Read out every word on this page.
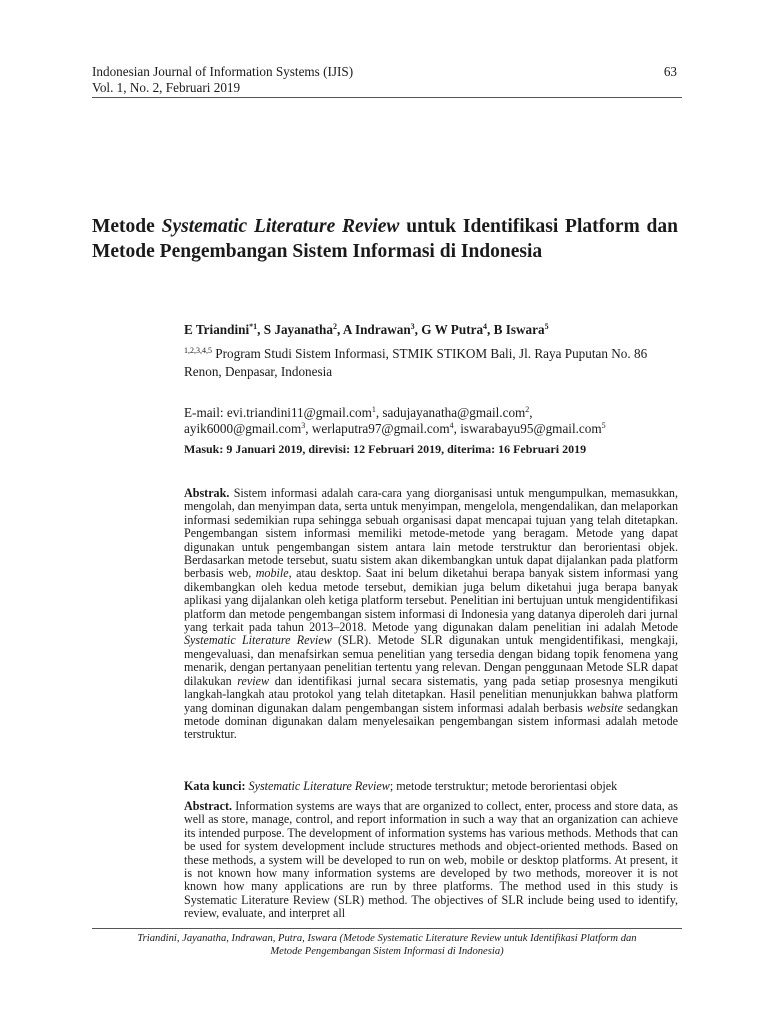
Indonesian Journal of Information Systems (IJIS)
Vol. 1, No. 2, Februari 2019
63
Metode Systematic Literature Review untuk Identifikasi Platform dan Metode Pengembangan Sistem Informasi di Indonesia
E Triandini$^{*1}$, S Jayanatha$^2$, A Indrawan$^3$, G W Putra$^4$, B Iswara$^5$
$^{1,2,3,4,5}$ Program Studi Sistem Informasi, STMIK STIKOM Bali, Jl. Raya Puputan No. 86 Renon, Denpasar, Indonesia
E-mail: evi.triandini11@gmail.com$^1$, sadujayanatha@gmail.com$^2$,
ayik6000@gmail.com$^3$, werlaputra97@gmail.com$^4$, iswarabayu95@gmail.com$^5$
Masuk: 9 Januari 2019, direvisi: 12 Februari 2019, diterima: 16 Februari 2019

Abstrak. Sistem informasi adalah cara-cara yang diorganisasi untuk mengumpulkan, memasukkan, mengolah, dan menyimpan data, serta untuk menyimpan, mengelola, mengendalikan, dan melaporkan informasi sedemikian rupa sehingga sebuah organisasi dapat mencapai tujuan yang telah ditetapkan. Pengembangan sistem informasi memiliki metode-metode yang beragam. Metode yang dapat digunakan untuk pengembangan sistem antara lain metode terstruktur dan berorientasi objek. Berdasarkan metode tersebut, suatu sistem akan dikembangkan untuk dapat dijalankan pada platform berbasis web, mobile, atau desktop. Saat ini belum diketahui berapa banyak sistem informasi yang dikembangkan oleh kedua metode tersebut, demikian juga belum diketahui juga berapa banyak aplikasi yang dijalankan oleh ketiga platform tersebut. Penelitian ini bertujuan untuk mengidentifikasi platform dan metode pengembangan sistem informasi di Indonesia yang datanya diperoleh dari jurnal yang terkait pada tahun 2013–2018. Metode yang digunakan dalam penelitian ini adalah Metode Systematic Literature Review (SLR). Metode SLR digunakan untuk mengidentifikasi, mengkaji, mengevaluasi, dan menafsirkan semua penelitian yang tersedia dengan bidang topik fenomena yang menarik, dengan pertanyaan penelitian tertentu yang relevan. Dengan penggunaan Metode SLR dapat dilakukan review dan identifikasi jurnal secara sistematis, yang pada setiap prosesnya mengikuti langkah-langkah atau protokol yang telah ditetapkan. Hasil penelitian menunjukkan bahwa platform yang dominan digunakan dalam pengembangan sistem informasi adalah berbasis website sedangkan metode dominan digunakan dalam menyelesaikan pengembangan sistem informasi adalah metode terstruktur.

Kata kunci: Systematic Literature Review; metode terstruktur; metode berorientasi objek

Abstract. Information systems are ways that are organized to collect, enter, process and store data, as well as store, manage, control, and report information in such a way that an organization can achieve its intended purpose. The development of information systems has various methods. Methods that can be used for system development include structures methods and object-oriented methods. Based on these methods, a system will be developed to run on web, mobile or desktop platforms. At present, it is not known how many information systems are developed by two methods, moreover it is not known how many applications are run by three platforms. The method used in this study is Systematic Literature Review (SLR) method. The objectives of SLR include being used to identify, review, evaluate, and interpret all

Triandini, Jayanatha, Indrawan, Putra, Iswara (Metode Systematic Literature Review untuk Identifikasi Platform dan
Metode Pengembangan Sistem Informasi di Indonesia)
